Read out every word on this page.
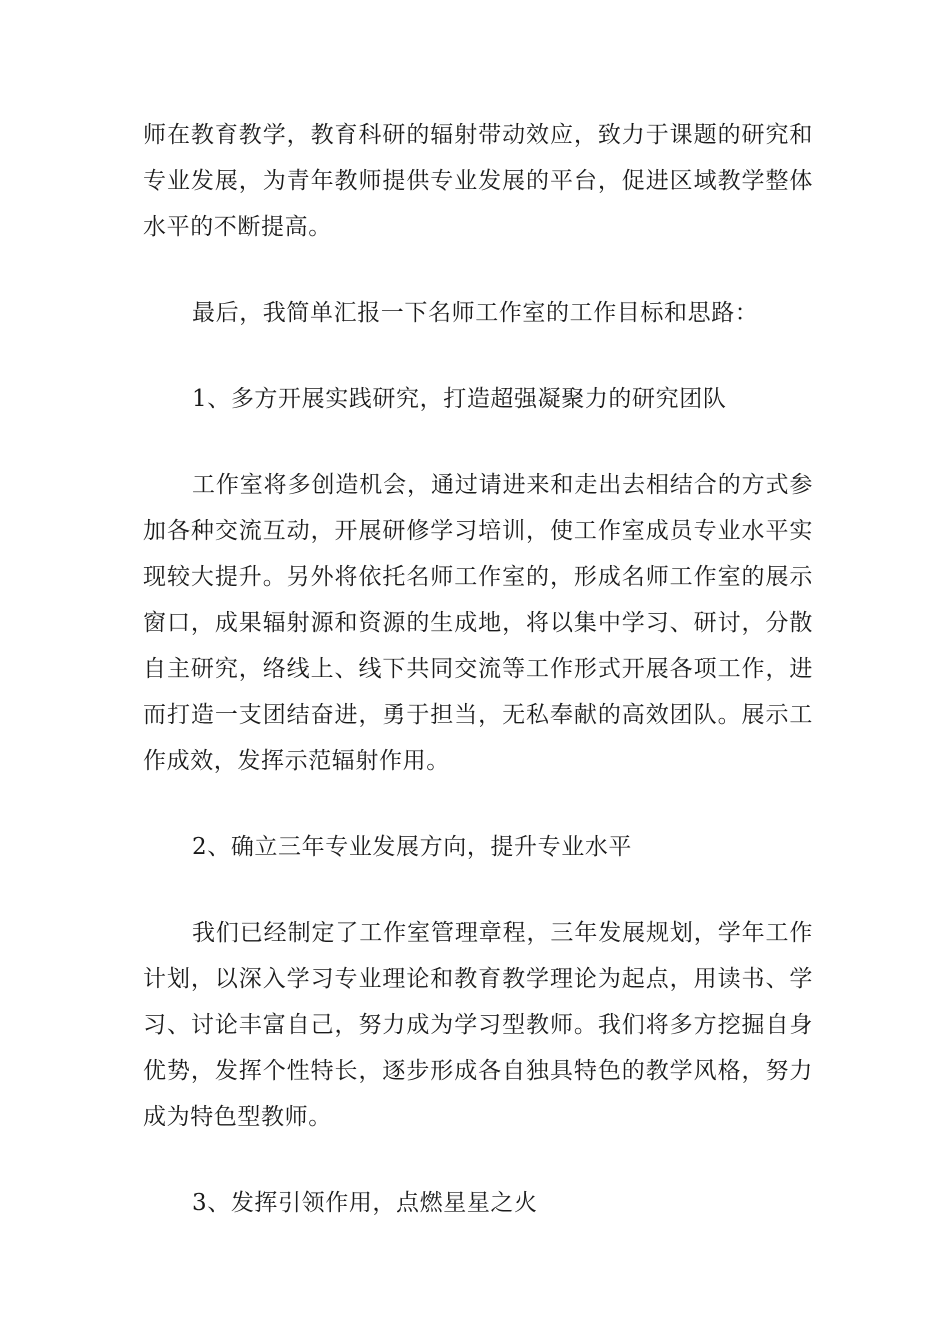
师在教育教学，教育科研的辐射带动效应，致力于课题的研究和专业发展，为青年教师提供专业发展的平台，促进区域教学整体水平的不断提高。

最后，我简单汇报一下名师工作室的工作目标和思路：

1、多方开展实践研究，打造超强凝聚力的研究团队

工作室将多创造机会，通过请进来和走出去相结合的方式参加各种交流互动，开展研修学习培训，使工作室成员专业水平实现较大提升。另外将依托名师工作室的，形成名师工作室的展示窗口，成果辐射源和资源的生成地，将以集中学习、研讨，分散自主研究，络线上、线下共同交流等工作形式开展各项工作，进而打造一支团结奋进，勇于担当，无私奉献的高效团队。展示工作成效，发挥示范辐射作用。

2、确立三年专业发展方向，提升专业水平

我们已经制定了工作室管理章程，三年发展规划，学年工作计划，以深入学习专业理论和教育教学理论为起点，用读书、学习、讨论丰富自己，努力成为学习型教师。我们将多方挖掘自身优势，发挥个性特长，逐步形成各自独具特色的教学风格，努力成为特色型教师。

3、发挥引领作用，点燃星星之火
